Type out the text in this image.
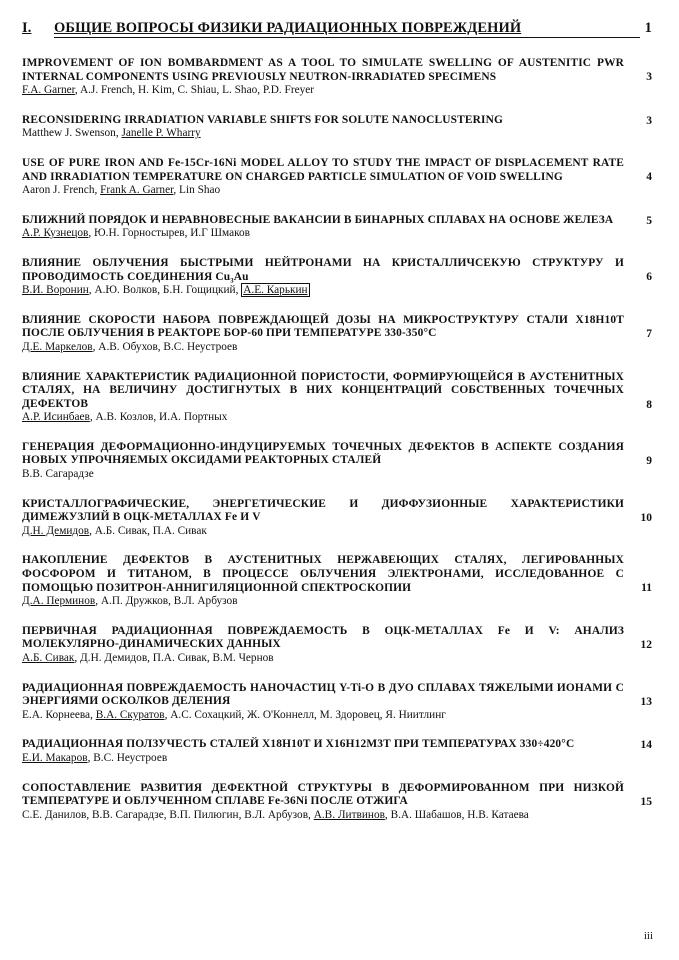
I. ОБЩИЕ ВОПРОСЫ ФИЗИКИ РАДИАЦИОННЫХ ПОВРЕЖДЕНИЙ	1
IMPROVEMENT OF ION BOMBARDMENT AS A TOOL TO SIMULATE SWELLING OF AUSTENITIC PWR INTERNAL COMPONENTS USING PREVIOUSLY NEUTRON-IRRADIATED SPECIMENS
F.A. Garner, A.J. French, H. Kim, C. Shiau, L. Shao, P.D. Freyer
3
RECONSIDERING IRRADIATION VARIABLE SHIFTS FOR SOLUTE NANOCLUSTERING
Matthew J. Swenson, Janelle P. Wharry
3
USE OF PURE IRON AND Fe-15Cr-16Ni MODEL ALLOY TO STUDY THE IMPACT OF DISPLACEMENT RATE AND IRRADIATION TEMPERATURE ON CHARGED PARTICLE SIMULATION OF VOID SWELLING
Aaron J. French, Frank A. Garner, Lin Shao
4
БЛИЖНИЙ ПОРЯДОК И НЕРАВНОВЕСНЫЕ ВАКАНСИИ В БИНАРНЫХ СПЛАВАХ НА ОСНОВЕ ЖЕЛЕЗА
А.Р. Кузнецов, Ю.Н. Горностырев, И.Г Шмаков
5
ВЛИЯНИЕ ОБЛУЧЕНИЯ БЫСТРЫМИ НЕЙТРОНАМИ НА КРИСТАЛЛИЧСЕКУЮ СТРУКТУРУ И ПРОВОДИМОСТЬ СОЕДИНЕНИЯ Cu₃Au
В.И. Воронин, А.Ю. Волков, Б.Н. Гощицкий, А.Е. Карькин
6
ВЛИЯНИЕ СКОРОСТИ НАБОРА ПОВРЕЖДАЮЩЕЙ ДОЗЫ НА МИКРОСТРУКТУРУ СТАЛИ Х18Н10Т ПОСЛЕ ОБЛУЧЕНИЯ В РЕАКТОРЕ БОР-60 ПРИ ТЕМПЕРАТУРЕ 330-350°С
Д.Е. Маркелов, А.В. Обухов, В.С. Неустроев
7
ВЛИЯНИЕ ХАРАКТЕРИСТИК РАДИАЦИОННОЙ ПОРИСТОСТИ, ФОРМИРУЮЩЕЙСЯ В АУСТЕНИТНЫХ СТАЛЯХ, НА ВЕЛИЧИНУ ДОСТИГНУТЫХ В НИХ КОНЦЕНТРАЦИЙ СОБСТВЕННЫХ ТОЧЕЧНЫХ ДЕФЕКТОВ
А.Р. Исинбаев, А.В. Козлов, И.А. Портных
8
ГЕНЕРАЦИЯ ДЕФОРМАЦИОННО-ИНДУЦИРУЕМЫХ ТОЧЕЧНЫХ ДЕФЕКТОВ В АСПЕКТЕ СОЗДАНИЯ НОВЫХ УПРОЧНЯЕМЫХ ОКСИДАМИ РЕАКТОРНЫХ СТАЛЕЙ
В.В. Сагарадзе
9
КРИСТАЛЛОГРАФИЧЕСКИЕ, ЭНЕРГЕТИЧЕСКИЕ И ДИФФУЗИОННЫЕ ХАРАКТЕРИСТИКИ ДИМЕЖУЗЛИЙ В ОЦК-МЕТАЛЛАХ Fe И V
Д.Н. Демидов, А.Б. Сивак, П.А. Сивак
10
НАКОПЛЕНИЕ ДЕФЕКТОВ В АУСТЕНИТНЫХ НЕРЖАВЕЮЩИХ СТАЛЯХ, ЛЕГИРОВАННЫХ ФОСФОРОМ И ТИТАНОМ, В ПРОЦЕССЕ ОБЛУЧЕНИЯ ЭЛЕКТРОНАМИ, ИССЛЕДОВАННОЕ С ПОМОЩЬЮ ПОЗИТРОН-АННИГИЛЯЦИОННОЙ СПЕКТРОСКОПИИ
Д.А. Перминов, А.П. Дружков, В.Л. Арбузов
11
ПЕРВИЧНАЯ РАДИАЦИОННАЯ ПОВРЕЖДАЕМОСТЬ В ОЦК-МЕТАЛЛАХ Fe И V: АНАЛИЗ МОЛЕКУЛЯРНО-ДИНАМИЧЕСКИХ ДАННЫХ
А.Б. Сивак, Д.Н. Демидов, П.А. Сивак, В.М. Чернов
12
РАДИАЦИОННАЯ ПОВРЕЖДАЕМОСТЬ НАНОЧАСТИЦ Y-Ti-O В ДУО СПЛАВАХ ТЯЖЕЛЫМИ ИОНАМИ С ЭНЕРГИЯМИ ОСКОЛКОВ ДЕЛЕНИЯ
Е.А. Корнеева, В.А. Скуратов, А.С. Сохацкий, Ж. О'Коннелл, М. Здоровец, Я. Ниитлинг
13
РАДИАЦИОННАЯ ПОЛЗУЧЕСТЬ СТАЛЕЙ Х18Н10Т И Х16Н12М3Т ПРИ ТЕМПЕРАТУРАХ 330÷420°С
Е.И. Макаров, В.С. Неустроев
14
СОПОСТАВЛЕНИЕ РАЗВИТИЯ ДЕФЕКТНОЙ СТРУКТУРЫ В ДЕФОРМИРОВАННОМ ПРИ НИЗКОЙ ТЕМПЕРАТУРЕ И ОБЛУЧЕННОМ СПЛАВЕ Fe-36Ni ПОСЛЕ ОТЖИГА
С.Е. Данилов, В.В. Сагарадзе, В.П. Пилюгин, В.Л. Арбузов, А.В. Литвинов, В.А. Шабашов, Н.В. Катаева
15
iii
